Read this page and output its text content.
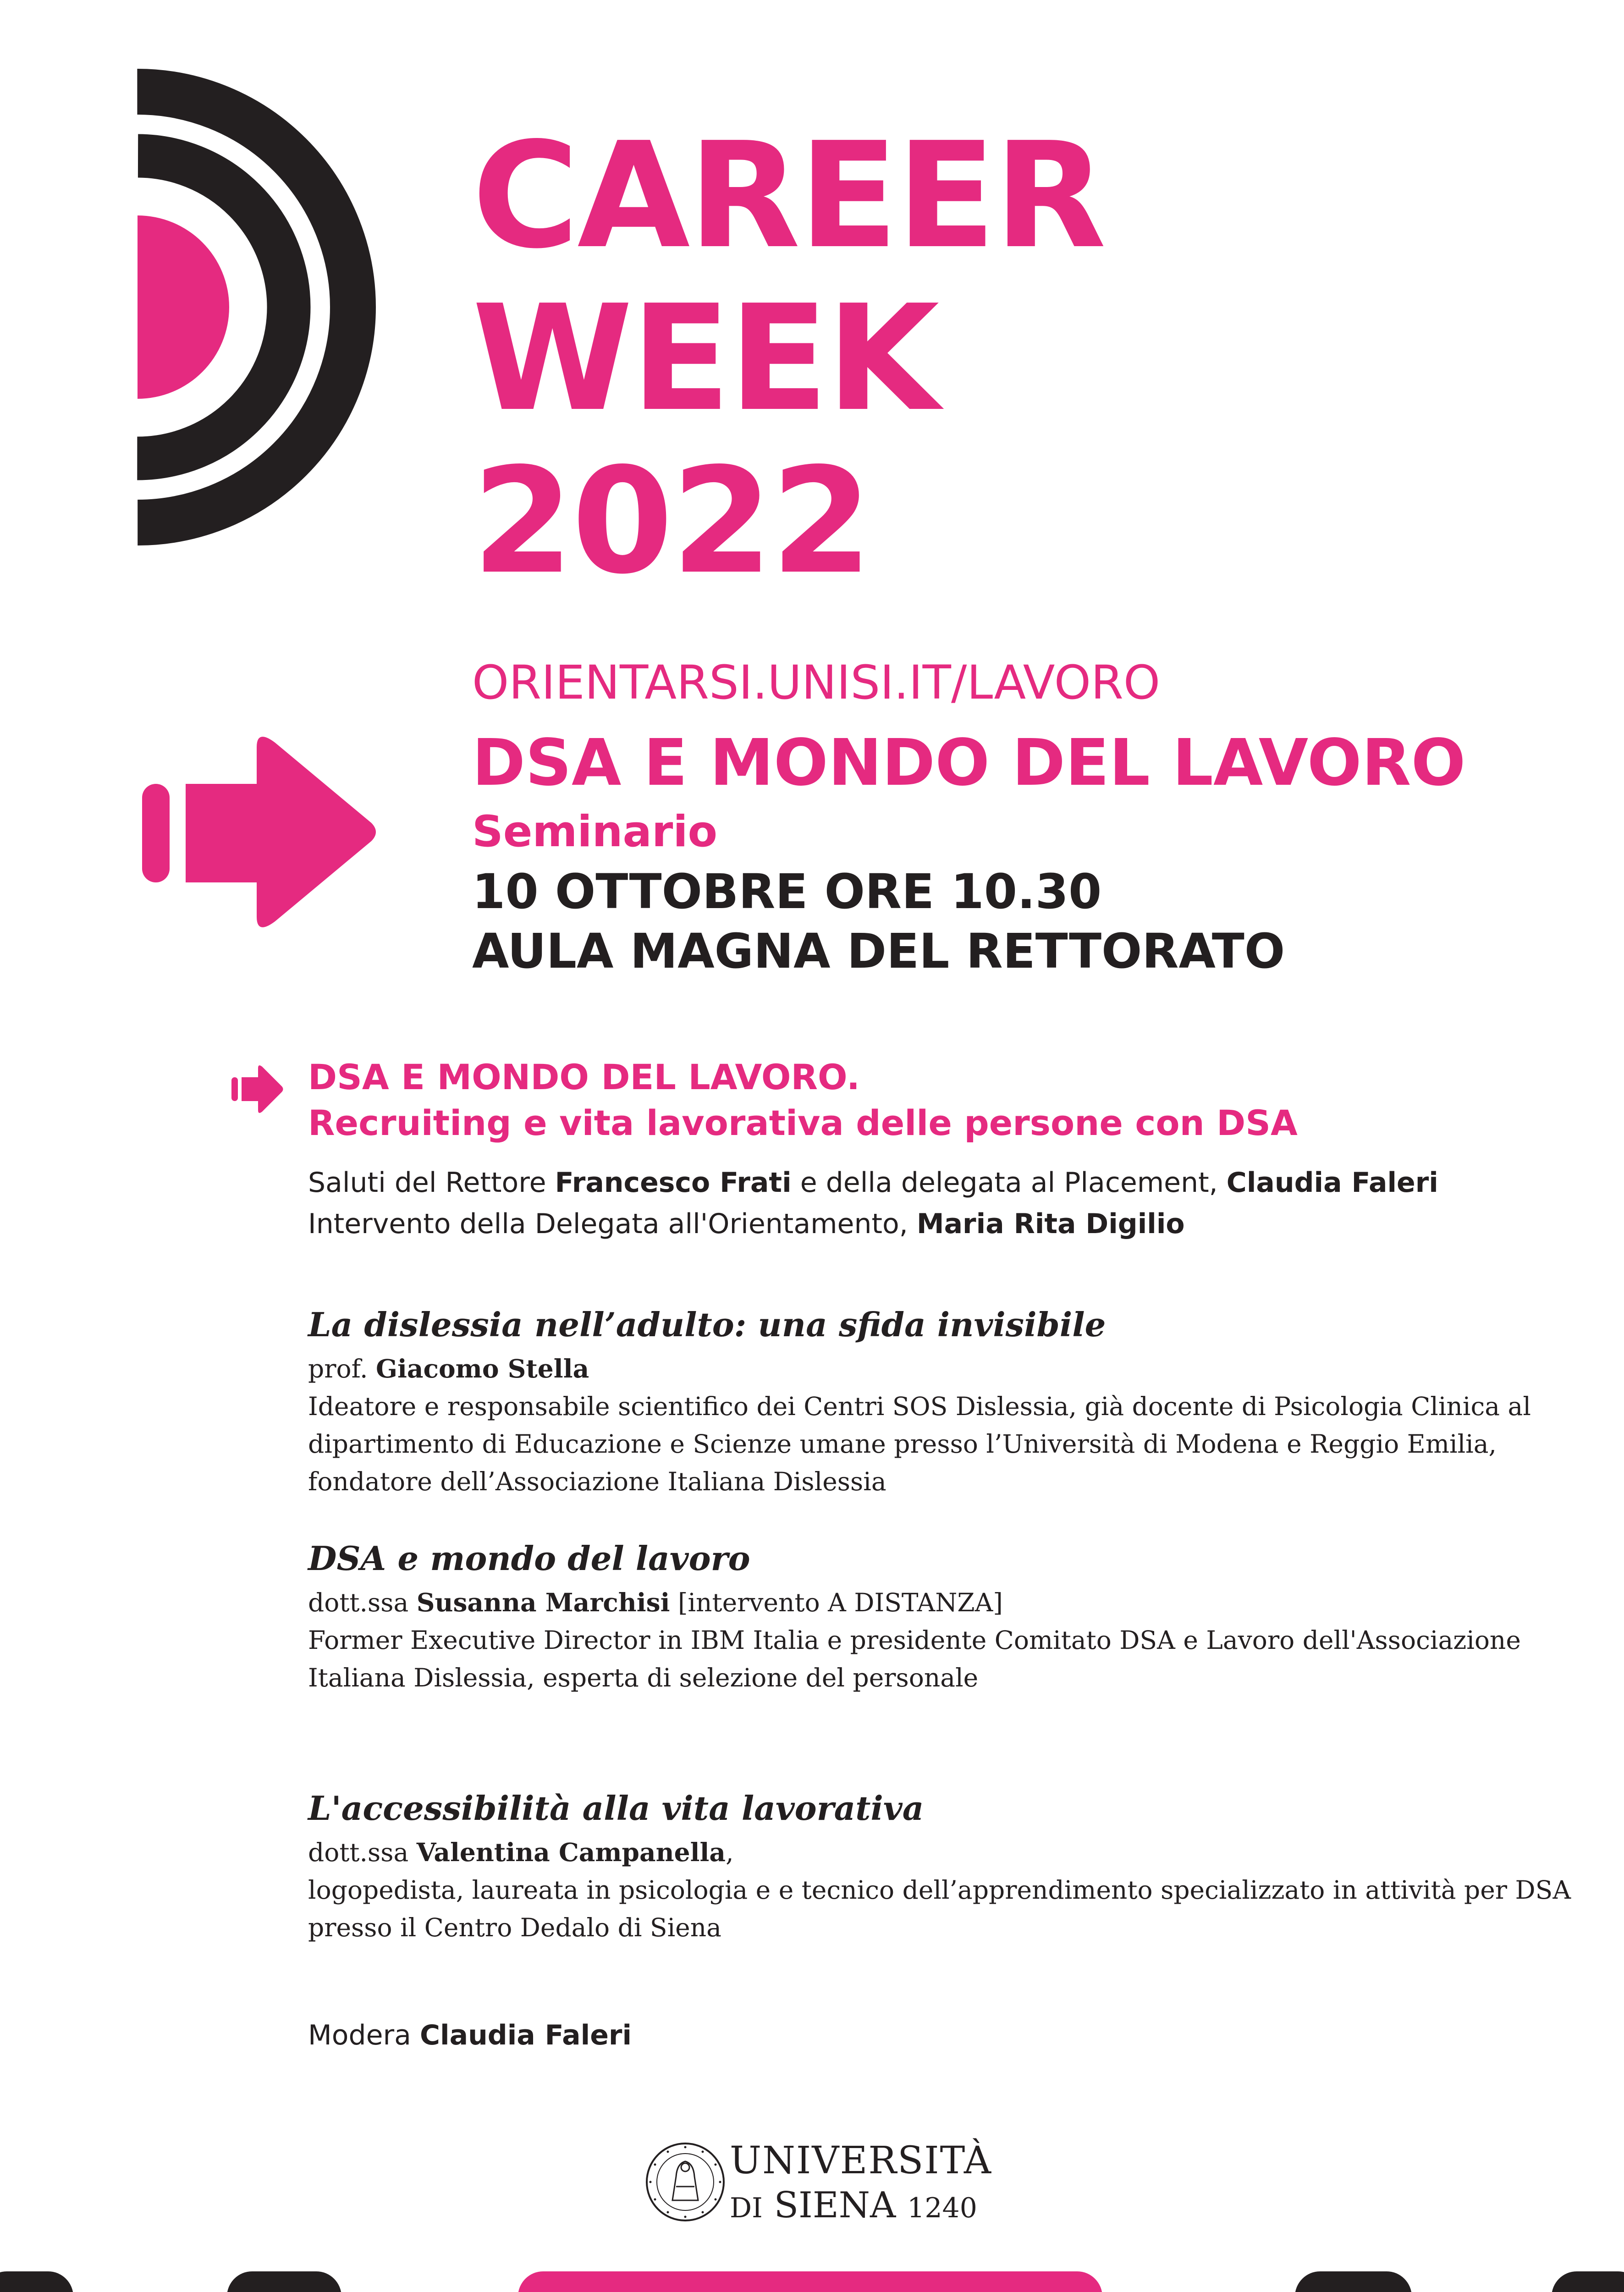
CAREER
WEEK
2022
ORIENTARSI.UNISI.IT/LAVORO
DSA E MONDO DEL LAVORO
Seminario
10 OTTOBRE ORE 10.30
AULA MAGNA DEL RETTORATO
DSA E MONDO DEL LAVORO.
Recruiting e vita lavorativa delle persone con DSA
Saluti del Rettore Francesco Frati e della delegata al Placement, Claudia Faleri
Intervento della Delegata all'Orientamento, Maria Rita Digilio
La dislessia nell’adulto: una sfida invisibile
prof. Giacomo Stella
Ideatore e responsabile scientifico dei Centri SOS Dislessia, già docente di Psicologia Clinica al
dipartimento di Educazione e Scienze umane presso l’Università di Modena e Reggio Emilia,
fondatore dell’Associazione Italiana Dislessia
DSA e mondo del lavoro
dott.ssa Susanna Marchisi [intervento A DISTANZA]
Former Executive Director in IBM Italia e presidente Comitato DSA e Lavoro dell'Associazione
Italiana Dislessia, esperta di selezione del personale
L'accessibilità alla vita lavorativa
dott.ssa Valentina Campanella,
logopedista, laureata in psicologia e e tecnico dell’apprendimento specializzato in attività per DSA
presso il Centro Dedalo di Siena
Modera Claudia Faleri
UNIVERSITÀ
DI SIENA 1240
